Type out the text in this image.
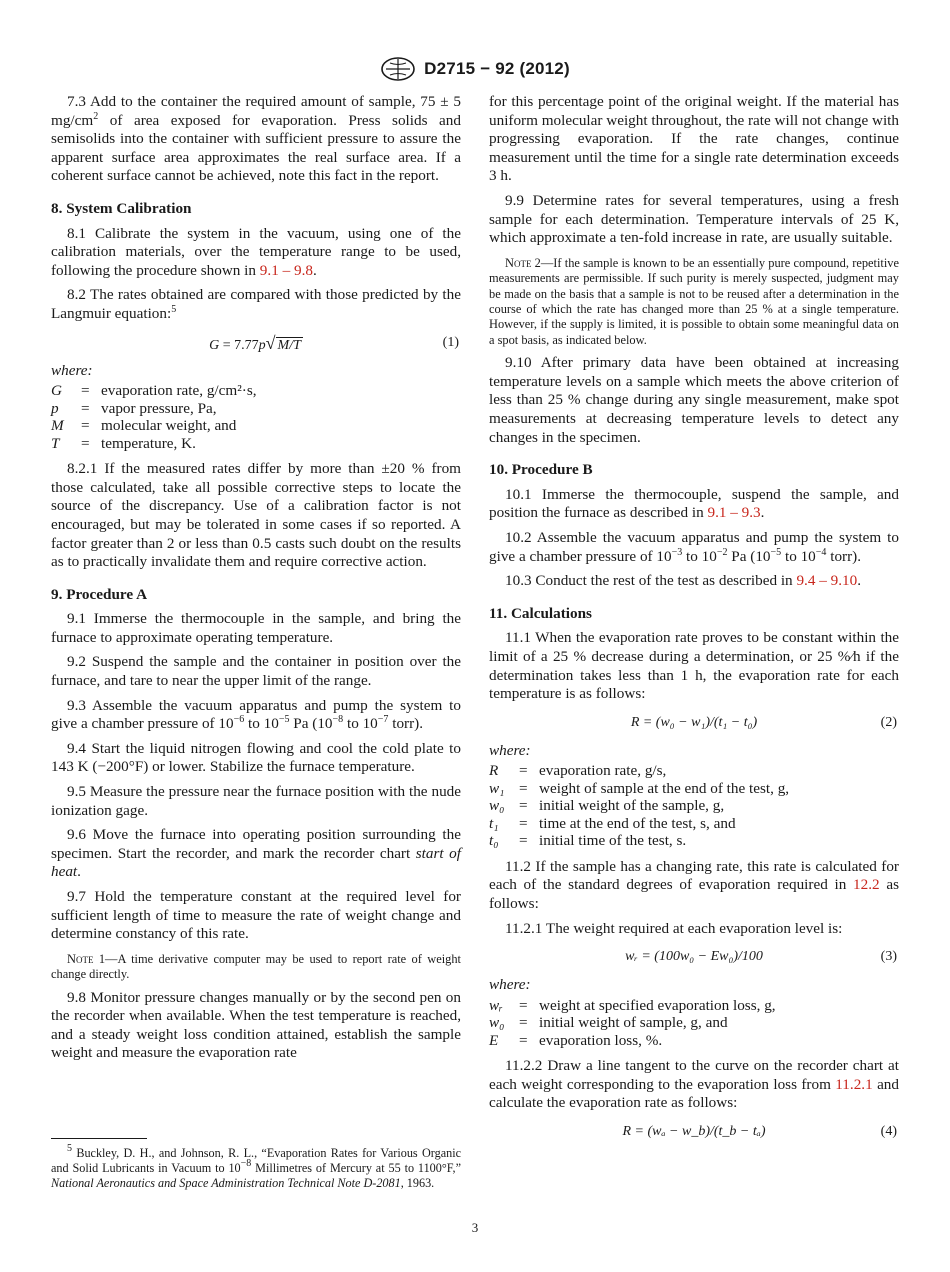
D2715 − 92 (2012)

7.3 Add to the container the required amount of sample, 75 ± 5 $mg/cm^2$ of area exposed for evaporation. Press solids and semisolids into the container with sufficient pressure to assure the apparent surface area approximates the real surface area. If a coherent surface cannot be achieved, note this fact in the report.

8. System Calibration

8.1 Calibrate the system in the vacuum, using one of the calibration materials, over the temperature range to be used, following the procedure shown in 9.1 – 9.8.

8.2 The rates obtained are compared with those predicted by the Langmuir equation:$^5$

G = 7.77p√ M/T	(1)
where:
G	= evaporation rate, g/cm²·s,
p	= vapor pressure, Pa,
M	= molecular weight, and
T	= temperature, K.

8.2.1 If the measured rates differ by more than ±20 % from those calculated, take all possible corrective steps to locate the source of the discrepancy. Use of a calibration factor is not encouraged, but may be tolerated in some cases if so reported. A factor greater than 2 or less than 0.5 casts such doubt on the results as to practically invalidate them and require corrective action.

9. Procedure A

9.1 Immerse the thermocouple in the sample, and bring the furnace to approximate operating temperature.

9.2 Suspend the sample and the container in position over the furnace, and tare to near the upper limit of the range.

9.3 Assemble the vacuum apparatus and pump the system to give a chamber pressure of $10^{-6}$ to $10^{-5}$ Pa ($10^{-8}$ to $10^{-7}$ torr).

9.4 Start the liquid nitrogen flowing and cool the cold plate to 143 K (−200°F) or lower. Stabilize the furnace temperature.

9.5 Measure the pressure near the furnace position with the nude ionization gage.

9.6 Move the furnace into operating position surrounding the specimen. Start the recorder, and mark the recorder chart start of heat.

9.7 Hold the temperature constant at the required level for sufficient length of time to measure the rate of weight change and determine constancy of this rate.

Note 1—A time derivative computer may be used to report rate of weight change directly.

9.8 Monitor pressure changes manually or by the second pen on the recorder when available. When the test temperature is reached, and a steady weight loss condition attained, establish the sample weight and measure the evaporation rate

for this percentage point of the original weight. If the material has uniform molecular weight throughout, the rate will not change with progressing evaporation. If the rate changes, continue measurement until the time for a single rate determination exceeds 3 h.

9.9 Determine rates for several temperatures, using a fresh sample for each determination. Temperature intervals of 25 K, which approximate a ten-fold increase in rate, are usually suitable.

Note 2—If the sample is known to be an essentially pure compound, repetitive measurements are permissible. If such purity is merely suspected, judgment may be made on the basis that a sample is not to be reused after a determination in the course of which the rate has changed more than 25 % at a single temperature. However, if the supply is limited, it is possible to obtain some meaningful data on a spot basis, as indicated below.

9.10 After primary data have been obtained at increasing temperature levels on a sample which meets the above criterion of less than 25 % change during any single measurement, make spot measurements at decreasing temperature levels to detect any changes in the specimen.

10. Procedure B

10.1 Immerse the thermocouple, suspend the sample, and position the furnace as described in 9.1 – 9.3.

10.2 Assemble the vacuum apparatus and pump the system to give a chamber pressure of $10^{-3}$ to $10^{-2}$ Pa ($10^{-5}$ to $10^{-4}$ torr).

10.3 Conduct the rest of the test as described in 9.4 – 9.10.

11. Calculations

11.1 When the evaporation rate proves to be constant within the limit of a 25 % decrease during a determination, or 25 %⁄h if the determination takes less than 1 h, the evaporation rate for each temperature is as follows:

R = (w₀ − w₁)/(t₁ − t₀)	(2)
where:
R	= evaporation rate, g/s,
w₁ = weight of sample at the end of the test, g,
w₀ = initial weight of the sample, g,
t₁	= time at the end of the test, s, and
t₀	= initial time of the test, s.

11.2 If the sample has a changing rate, this rate is calculated for each of the standard degrees of evaporation required in 12.2 as follows:

11.2.1 The weight required at each evaporation level is:

wᵣ = (100w₀ − Ew₀)/100	(3)
where:
wᵣ	= weight at specified evaporation loss, g,
w₀ = initial weight of sample, g, and
E	= evaporation loss, %.

11.2.2 Draw a line tangent to the curve on the recorder chart at each weight corresponding to the evaporation loss from 11.2.1 and calculate the evaporation rate as follows:

R = (wₐ − w_b)/(t_b − tₐ)	(4)
$^5$ Buckley, D. H., and Johnson, R. L., “Evaporation Rates for Various Organic and Solid Lubricants in Vacuum to $10^{-8}$ Millimetres of Mercury at 55 to 1100°F,” National Aeronautics and Space Administration Technical Note D-2081, 1963.
3
